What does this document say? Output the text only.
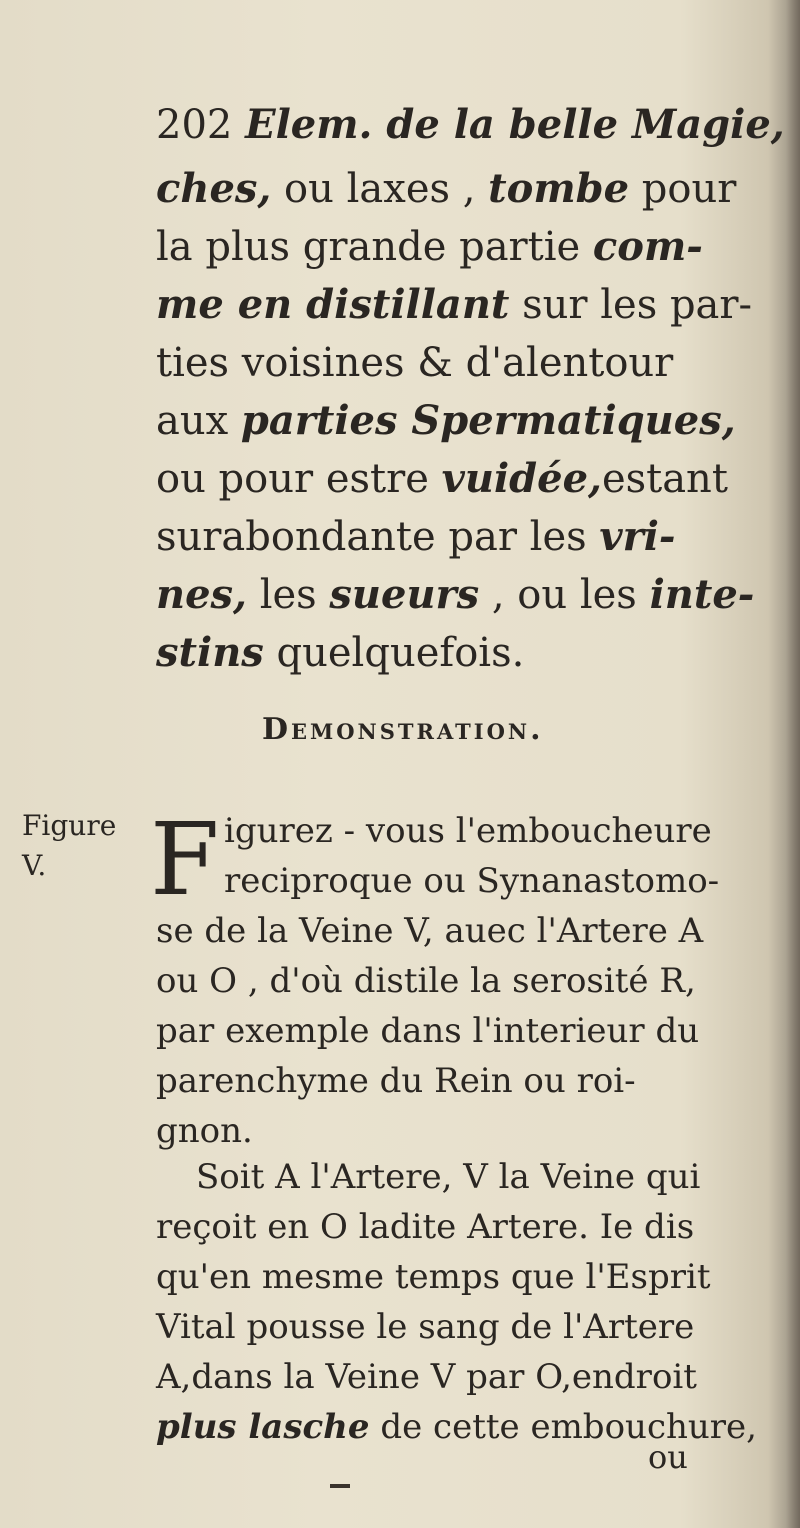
202 Elem. de la belle Magie,
ches, ou laxes , tombe pour
la plus grande partie com-
me en distillant sur les par-
ties voisines & d'alentour
aux parties Spermatiques,
ou pour estre vuidée,estant
surabondante par les vri-
nes, les sueurs , ou les inte-
stins quelquefois.
Demonstration.
Figure
V.	F igurez - vous l'emboucheure
reciproque ou Synanastomo-
se de la Veine V, auec l'Artere A
ou O , d'où distile la serosité R,
par exemple dans l'interieur du
parenchyme du Rein ou roi-
gnon.
Soit A l'Artere, V la Veine qui
reçoit en O ladite Artere. Ie dis
qu'en mesme temps que l'Esprit
Vital pousse le sang de l'Artere
A,dans la Veine V par O,endroit
plus lasche de cette embouchure,
ou
